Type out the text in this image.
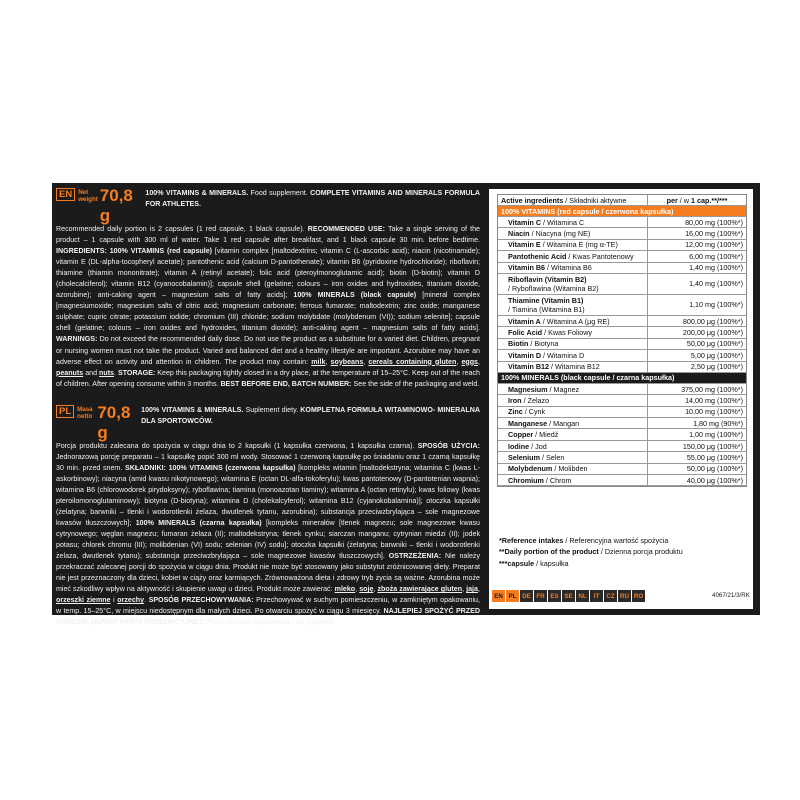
EN Net weight 70,8 g
100% VITAMINS & MINERALS. Food supplement. COMPLETE VITAMINS AND MINERALS FORMULA FOR ATHLETES.
Recommended daily portion is 2 capsules (1 red capsule, 1 black capsule). RECOMMENDED USE: Take a single serving of the product – 1 capsule with 300 ml of water. Take 1 red capsule after breakfast, and 1 black capsule 30 min. before bedtime. INGREDIENTS: 100% VITAMINS (red capsule) [vitamin complex [maltodextrins; vitamin C (L-ascorbic acid); niacin (nicotinamide); vitamin E (DL-alpha-tocopheryl acetate); pantothenic acid (calcium D-pantothenate); vitamin B6 (pyridoxine hydrochloride); riboflavin; thiamine (thiamin mononitrate); vitamin A (retinyl acetate); folic acid (pteroylmonoglutamic acid); biotin (D-biotin); vitamin D (cholecalciferol); vitamin B12 (cyanocobalamin)]; capsule shell (gelatine; colours – iron oxides and hydroxides, titanium dioxide, azorubine); anti-caking agent – magnesium salts of fatty acids]; 100% MINERALS (black capsule) [mineral complex [magnesiumoxide; magnesium salts of citric acid; magnesium carbonate; ferrous fumarate; maltodextrin; zinc oxide; manganese sulphate; cupric citrate; potassium iodide; chromium (III) chloride; sodium molybdate (molybdenum (VI)); sodium selenite]; capsule shell (gelatine; colours – iron oxides and hydroxides, titanium dioxide); anti-caking agent – magnesium salts of fatty acids]. WARNINGS: Do not exceed the recommended daily dose. Do not use the product as a substitute for a varied diet. Children, pregnant or nursing women must not take the product. Varied and balanced diet and a healthy lifestyle are important. Azorubine may have an adverse effect on activity and attention in children. The product may contain: milk, soybeans, cereals containing gluten, eggs, peanuts and nuts. STORAGE: Keep this packaging tightly closed in a dry place, at the temperature of 15–25°C. Keep out of the reach of children. After opening consume within 3 months. BEST BEFORE END, BATCH NUMBER: See the side of the packaging and weld.
PL Masa netto 70,8 g
100% VITAMINS & MINERALS. Suplement diety. KOMPLETNA FORMUŁA WITAMINOWO- MINERALNA DLA SPORTOWCÓW.
Porcja produktu zalecana do spożycia w ciągu dnia to 2 kapsułki (1 kapsułka czerwona, 1 kapsułka czarna). SPOSÓB UŻYCIA: Jednorazową porcję preparatu – 1 kapsułkę popić 300 ml wody. Stosować 1 czerwoną kapsułkę po śniadaniu oraz 1 czarną kapsułkę 30 min. przed snem. SKŁADNIKI: 100% VITAMINS (czerwona kapsułka) [kompleks witamin [maltodekstryna; witamina C (kwas L-askorbinowy); niacyna (amid kwasu nikotynowego); witamina E (octan DL-alfa-tokoferylu); kwas pantotenowy (D-pantotenian wapnia); witamina B6 (chlorowodorek pirydoksyny); ryboflawina; tiamina (monoazotan tiaminy); witamina A (octan retinylu); kwas foliowy (kwas pteroilomonoglutaminowy); biotyna (D-biotyna); witamina D (cholekalcyferol); witamina B12 (cyjanokobalamina)]; otoczka kapsułki (żelatyna; barwniki – tlenki i wodorotlenki żelaza, dwutlenek tytanu, azorubina); substancja przeciwzbrylająca – sole magnezowe kwasów tłuszczowych]; 100% MINERALS (czarna kapsułka) [kompleks minerałów [tlenek magnezu; sole magnezowe kwasu cytrynowego; węglan magnezu; fumaran żelaza (II); maltodekstryna; tlenek cynku; siarczan manganu; cytrynian miedzi (II); jodek potasu; chlorek chromu (III); molibdenian (VI) sodu; selenian (IV) sodu]; otoczka kapsułki (żelatyna; barwniki – tlenki i wodorotlenki żelaza, dwutlenek tytanu); substancja przeciwzbrylająca – sole magnezowe kwasów tłuszczowych]. OSTRZEŻENIA: Nie należy przekraczać zalecanej porcji do spożycia w ciągu dnia. Produkt nie może być stosowany jako substytut zróżnicowanej diety. Preparat nie jest przeznaczony dla dzieci, kobiet w ciąży oraz karmiących. Zrównoważona dieta i zdrowy tryb życia są ważne. Azorubina może mieć szkodliwy wpływ na aktywność i skupienie uwagi u dzieci. Produkt może zawierać: mleko, soję, zboża zawierające gluten, jaja, orzeszki ziemne i orzechy. SPOSÓB PRZECHOWYWANIA: Przechowywać w suchym pomieszczeniu, w zamkniętym opakowaniu, w temp. 15–25°C, w miejscu niedostępnym dla małych dzieci. Po otwarciu spożyć w ciągu 3 miesięcy. NAJLEPIEJ SPOŻYĆ PRZED KOŃCEM, NUMER PARTII PRODUKCYJNEJ: Patrz na boku opakowania i na zgrzewie.
Active ingredients / Składniki aktywne	per / w 1 cap.**/***
100% VITAMINS (red capsule / czerwona kapsułka)	
Vitamin C / Witamina C	80,00 mg (100%*)
Niacin / Niacyna (mg NE)	16,00 mg (100%*)
Vitamin E / Witamina E (mg α-TE)	12,00 mg (100%*)
Pantothenic Acid / Kwas Pantotenowy	6,00 mg (100%*)
Vitamin B6 / Witamina B6	1,40 mg (100%*)
Riboflavin (Vitamin B2)
/ Ryboflawina (Witamina B2)	1,40 mg (100%*)
Thiamine (Vitamin B1)
/ Tiamina (Witamina B1)	1,10 mg (100%*)
Vitamin A / Witamina A (μg RE)	800,00 μg (100%*)
Folic Acid / Kwas Foliowy	200,00 μg (100%*)
Biotin / Biotyna	50,00 μg (100%*)
Vitamin D / Witamina D	5,00 μg (100%*)
Vitamin B12 / Witamina B12	2,50 μg (100%*)
100% MINERALS (black capsule / czarna kapsułka)	
Magnesium / Magnez	375,00 mg (100%*)
Iron / Żelazo	14,00 mg (100%*)
Zinc / Cynk	10,00 mg (100%*)
Manganese / Mangan	1,80 mg (90%*)
Copper / Miedź	1,00 mg (100%*)
Iodine / Jod	150,00 μg (100%*)
Selenium / Selen	55,00 μg (100%*)
Molybdenum / Molibden	50,00 μg (100%*)
Chromium / Chrom	40,00 μg (100%*)
*Reference intakes / Referencyjna wartość spożycia
**Daily portion of the product / Dzienna porcja produktu
***capsule / kapsułka
EN PL DE FR ES SE NL	IT	CZ RU RO	4067/21/3/RK
